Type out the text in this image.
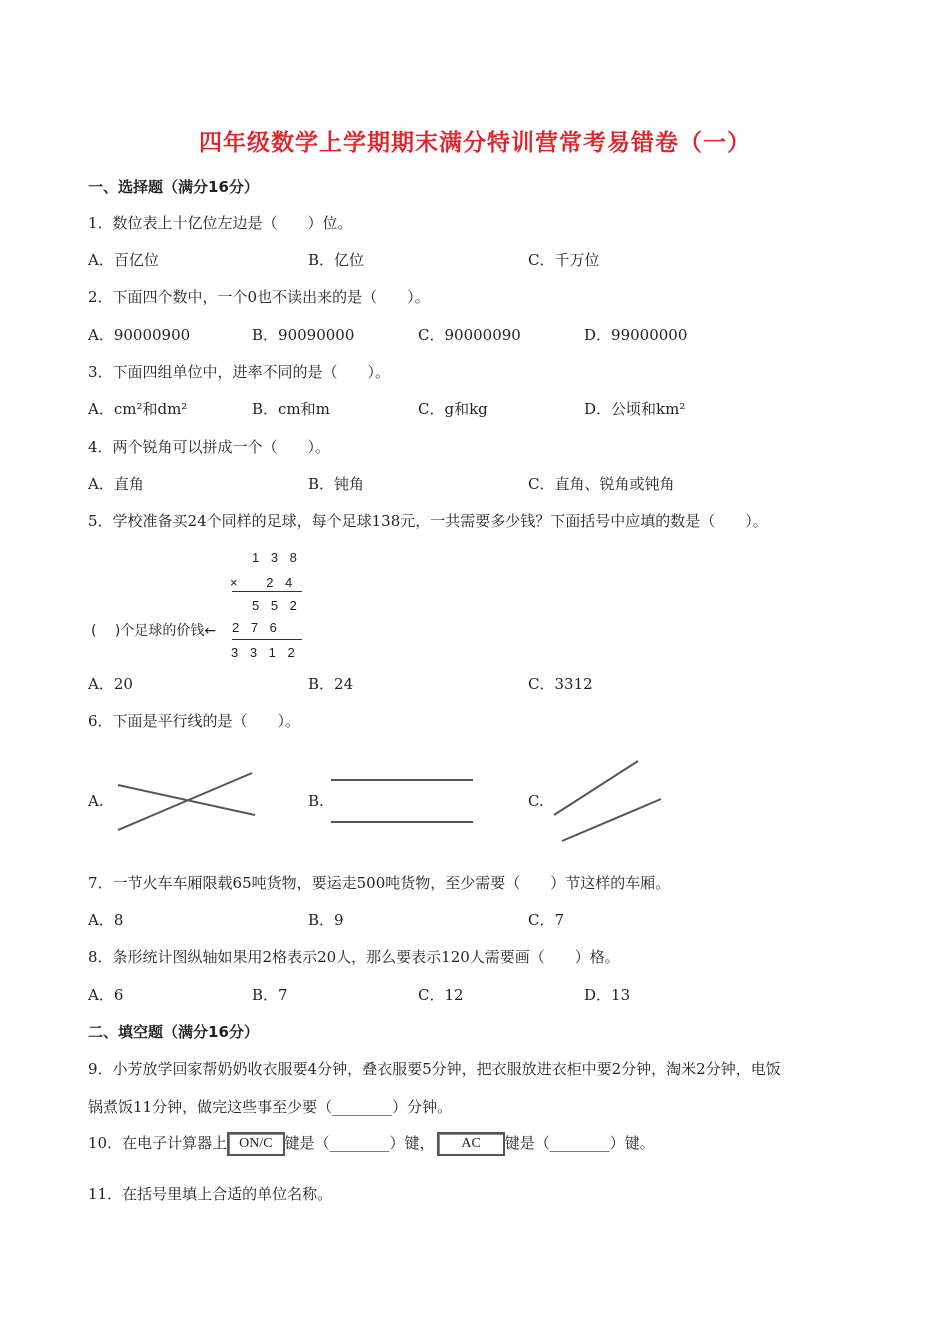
四年级数学上学期期末满分特训营常考易错卷（一）
一、选择题（满分16分）
1．数位表上十亿位左边是（　　）位。
A．百亿位	B．亿位	C．千万位
2．下面四个数中，一个0也不读出来的是（　　）。
A．90000900	B．90090000	C．90000090	D．99000000
3．下面四组单位中，进率不同的是（　　）。
A．cm²和dm²	B．cm和m	C．g和kg	D．公顷和km²
4．两个锐角可以拼成一个（　　）。
A．直角	B．钝角	C．直角、锐角或钝角
5．学校准备买24个同样的足球，每个足球138元，一共需要多少钱？下面括号中应填的数是（　　）。
1 3 8
× 　2 4
5 5 2
(　 )个足球的价钱← 2 7 6
3 3 1 2
A．20	B．24	C．3312
6．下面是平行线的是（　　）。
A.	B.	C.
7．一节火车车厢限载65吨货物，要运走500吨货物，至少需要（　　）节这样的车厢。
A．8	B．9	C．7
8．条形统计图纵轴如果用2格表示20人，那么要表示120人需要画（　　）格。
A．6	B．7	C．12	D．13
二、填空题（满分16分）
9．小芳放学回家帮奶奶收衣服要4分钟，叠衣服要5分钟，把衣服放进衣柜中要2分钟，淘米2分钟，电饭
锅煮饭11分钟，做完这些事至少要（________）分钟。
10．在电子计算器上 ON/C 键是（________）键， AC 键是（________）键。
11．在括号里填上合适的单位名称。
